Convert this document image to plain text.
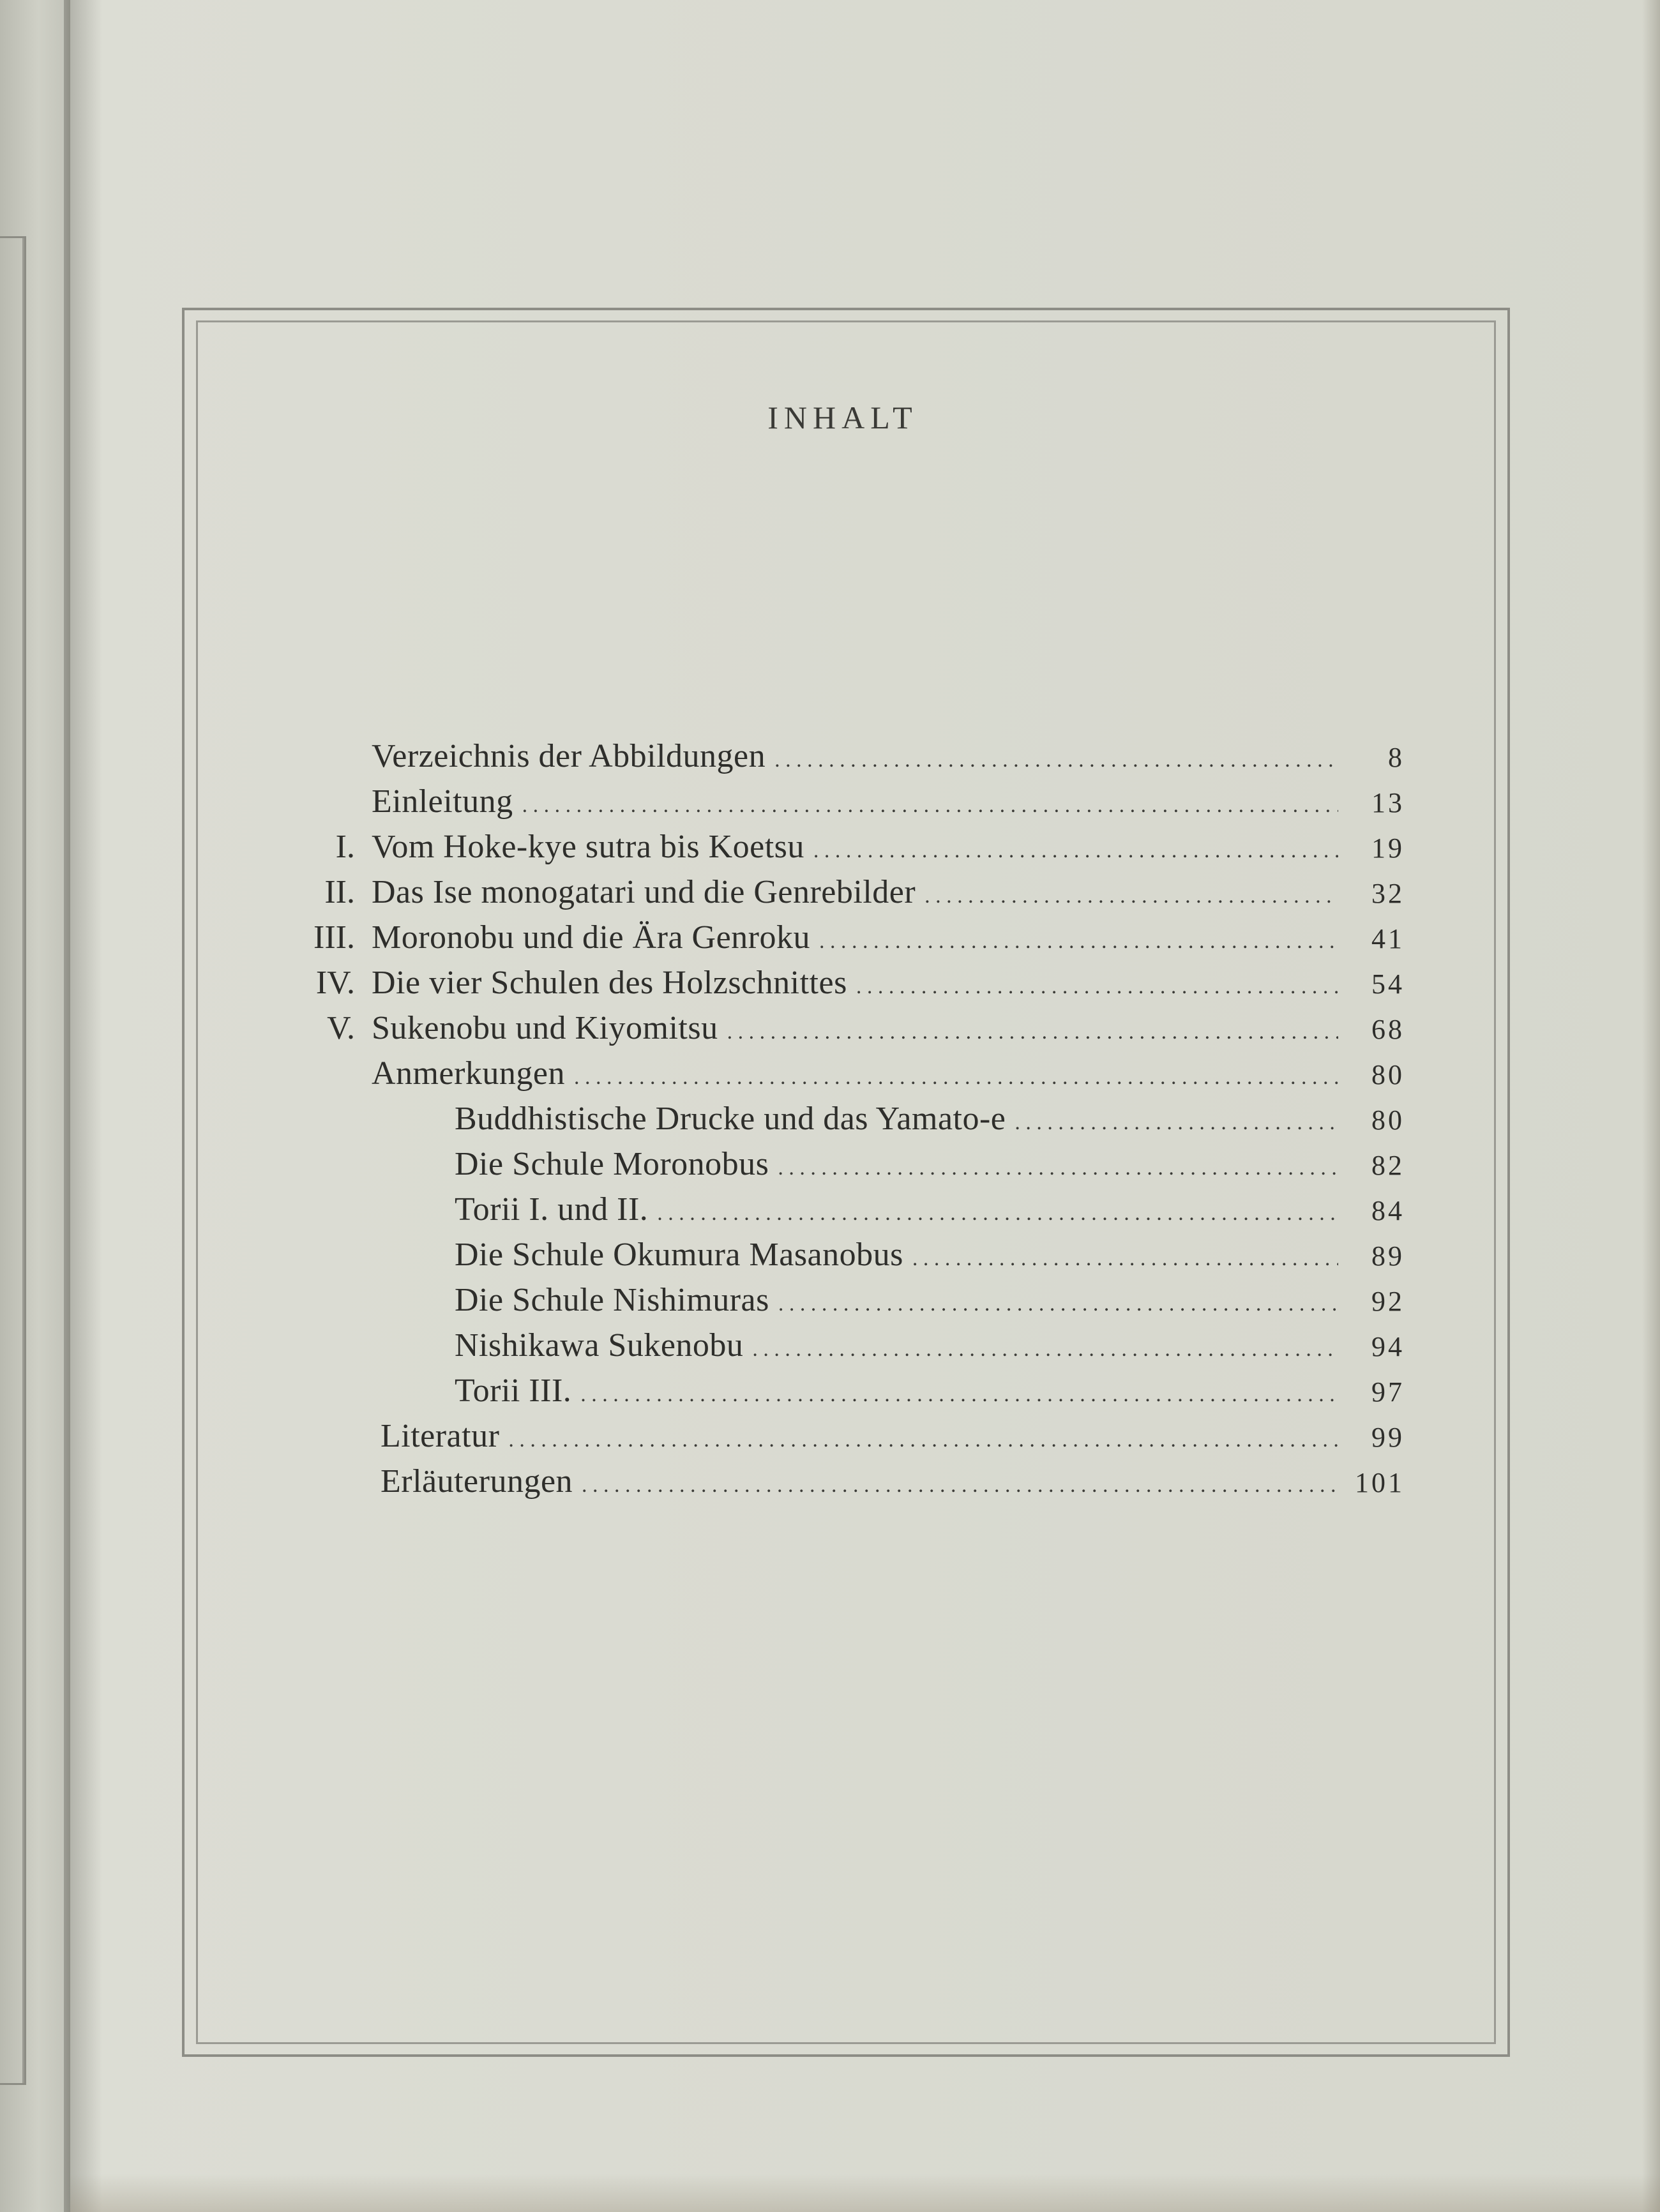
INHALT
Verzeichnis der Abbildungen . . .	8
Einleitung . . .	13
I. Vom Hoke-kye sutra bis Koetsu . . .	19
II. Das Ise monogatari und die Genrebilder . . .	32
III. Moronobu und die Ära Genroku . . .	41
IV. Die vier Schulen des Holzschnittes . . .	54
V. Sukenobu und Kiyomitsu . . .	68
Anmerkungen . . .	80
Buddhistische Drucke und das Yamato-e . . .	80
Die Schule Moronobus . . .	82
Torii I. und II. . . .	84
Die Schule Okumura Masanobus . . .	89
Die Schule Nishimuras . . .	92
Nishikawa Sukenobu . . .	94
Torii III. . . .	97
Literatur . . .	99
Erläuterungen . . .	101
